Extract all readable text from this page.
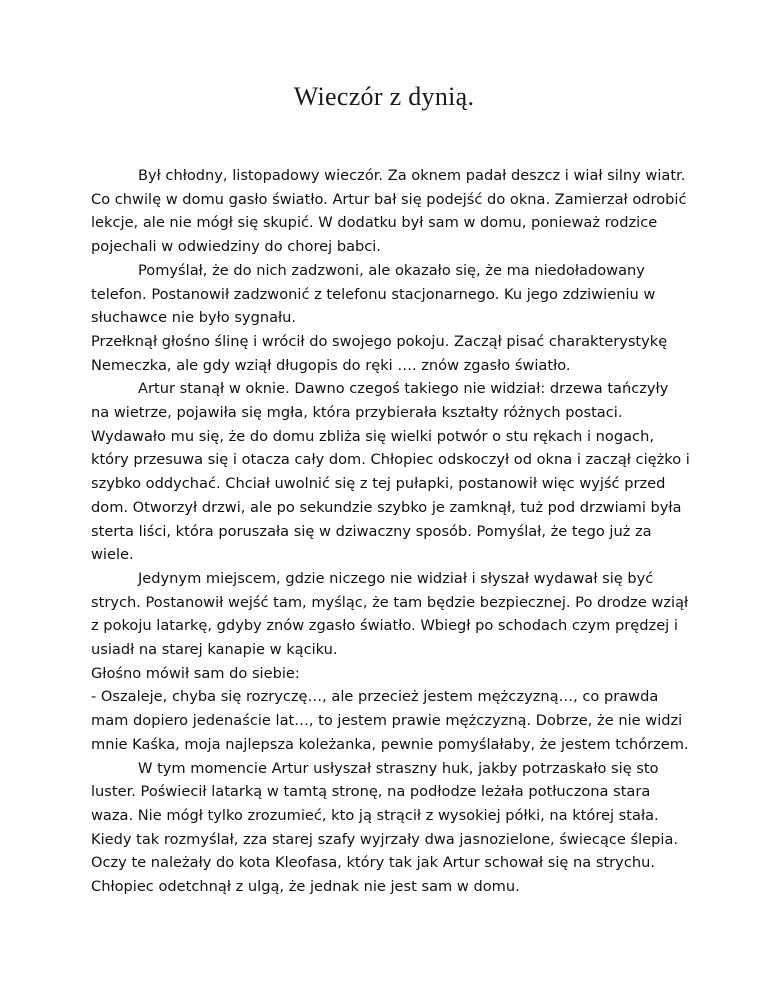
Wieczór z dynią.

Był chłodny, listopadowy wieczór. Za oknem padał deszcz i wiał silny wiatr. Co chwilę w domu gasło światło. Artur bał się podejść do okna. Zamierzał odrobić lekcje, ale nie mógł się skupić. W dodatku był sam w domu, ponieważ rodzice pojechali w odwiedziny do chorej babci.

Pomyślał, że do nich zadzwoni, ale okazało się, że ma niedoładowany telefon. Postanowił zadzwonić z telefonu stacjonarnego. Ku jego zdziwieniu w słuchawce nie było sygnału.

Przełknął głośno ślinę i wrócił do swojego pokoju. Zaczął pisać charakterystykę Nemeczka, ale gdy wziął długopis do ręki …. znów zgasło światło.

Artur stanął w oknie. Dawno czegoś takiego nie widział: drzewa tańczyły na wietrze, pojawiła się mgła, która przybierała kształty różnych postaci. Wydawało mu się, że do domu zbliża się wielki potwór o stu rękach i nogach, który przesuwa się i otacza cały dom. Chłopiec odskoczył od okna i zaczął ciężko i szybko oddychać. Chciał uwolnić się z tej pułapki, postanowił więc wyjść przed dom. Otworzył drzwi, ale po sekundzie szybko je zamknął, tuż pod drzwiami była sterta liści, która poruszała się w dziwaczny sposób. Pomyślał, że tego już za wiele.

Jedynym miejscem, gdzie niczego nie widział i słyszał wydawał się być strych. Postanowił wejść tam, myśląc, że tam będzie bezpiecznej. Po drodze wziął z pokoju latarkę, gdyby znów zgasło światło. Wbiegł po schodach czym prędzej i usiadł na starej kanapie w kąciku.

Głośno mówił sam do siebie:

- Oszaleje, chyba się rozryczę…, ale przecież jestem mężczyzną…, co prawda mam dopiero jedenaście lat…, to jestem prawie mężczyzną. Dobrze, że nie widzi mnie Kaśka, moja najlepsza koleżanka, pewnie pomyślałaby, że jestem tchórzem.

W tym momencie Artur usłyszał straszny huk, jakby potrzaskało się sto luster. Poświecił latarką w tamtą stronę, na podłodze leżała potłuczona stara waza. Nie mógł tylko zrozumieć, kto ją strącił z wysokiej półki, na której stała. Kiedy tak rozmyślał, zza starej szafy wyjrzały dwa jasnozielone, świecące ślepia. Oczy te należały do kota Kleofasa, który tak jak Artur schował się na strychu. Chłopiec odetchnął z ulgą, że jednak nie jest sam w domu.
